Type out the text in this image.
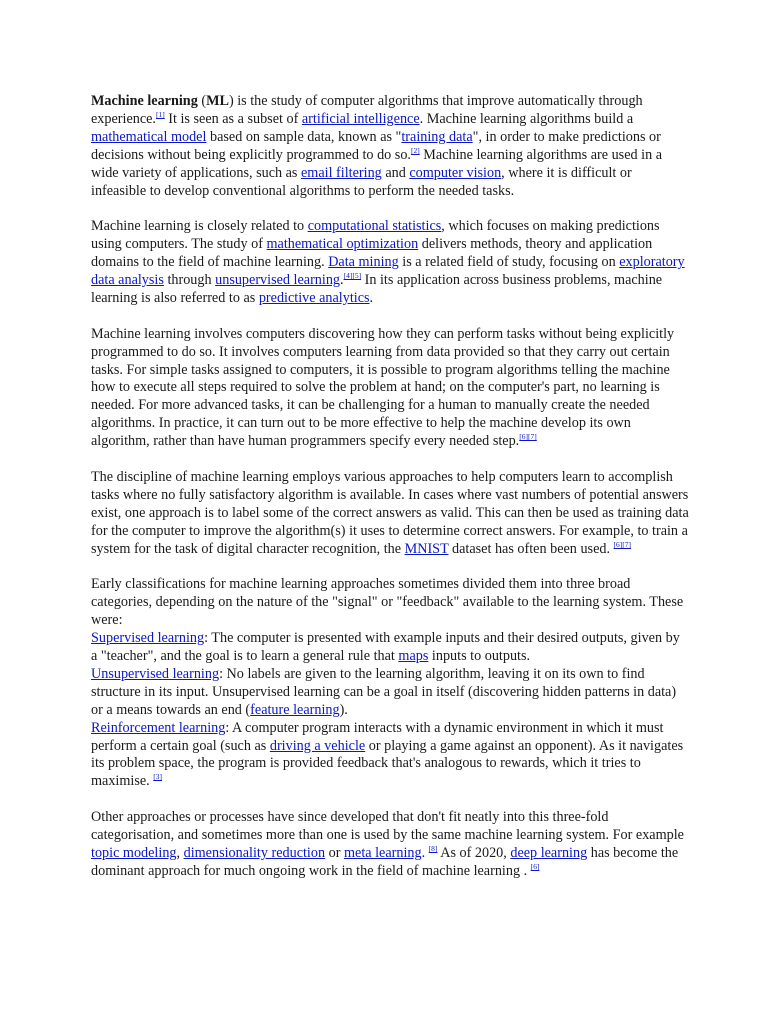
Machine learning (ML) is the study of computer algorithms that improve automatically through experience.[1] It is seen as a subset of artificial intelligence. Machine learning algorithms build a mathematical model based on sample data, known as "training data", in order to make predictions or decisions without being explicitly programmed to do so.[2] Machine learning algorithms are used in a wide variety of applications, such as email filtering and computer vision, where it is difficult or infeasible to develop conventional algorithms to perform the needed tasks.

Machine learning is closely related to computational statistics, which focuses on making predictions using computers. The study of mathematical optimization delivers methods, theory and application domains to the field of machine learning. Data mining is a related field of study, focusing on exploratory data analysis through unsupervised learning.[4][5] In its application across business problems, machine learning is also referred to as predictive analytics.

Machine learning involves computers discovering how they can perform tasks without being explicitly programmed to do so. It involves computers learning from data provided so that they carry out certain tasks. For simple tasks assigned to computers, it is possible to program algorithms telling the machine how to execute all steps required to solve the problem at hand; on the computer's part, no learning is needed. For more advanced tasks, it can be challenging for a human to manually create the needed algorithms. In practice, it can turn out to be more effective to help the machine develop its own algorithm, rather than have human programmers specify every needed step.[6][7]

The discipline of machine learning employs various approaches to help computers learn to accomplish tasks where no fully satisfactory algorithm is available. In cases where vast numbers of potential answers exist, one approach is to label some of the correct answers as valid. This can then be used as training data for the computer to improve the algorithm(s) it uses to determine correct answers. For example, to train a system for the task of digital character recognition, the MNIST dataset has often been used. [6][7]

Early classifications for machine learning approaches sometimes divided them into three broad categories, depending on the nature of the "signal" or "feedback" available to the learning system. These were:
Supervised learning: The computer is presented with example inputs and their desired outputs, given by a "teacher", and the goal is to learn a general rule that maps inputs to outputs.
Unsupervised learning: No labels are given to the learning algorithm, leaving it on its own to find structure in its input. Unsupervised learning can be a goal in itself (discovering hidden patterns in data) or a means towards an end (feature learning).
Reinforcement learning: A computer program interacts with a dynamic environment in which it must perform a certain goal (such as driving a vehicle or playing a game against an opponent). As it navigates its problem space, the program is provided feedback that's analogous to rewards, which it tries to maximise. [3]

Other approaches or processes have since developed that don't fit neatly into this three-fold categorisation, and sometimes more than one is used by the same machine learning system. For example topic modeling, dimensionality reduction or meta learning. [8] As of 2020, deep learning has become the dominant approach for much ongoing work in the field of machine learning . [6]
